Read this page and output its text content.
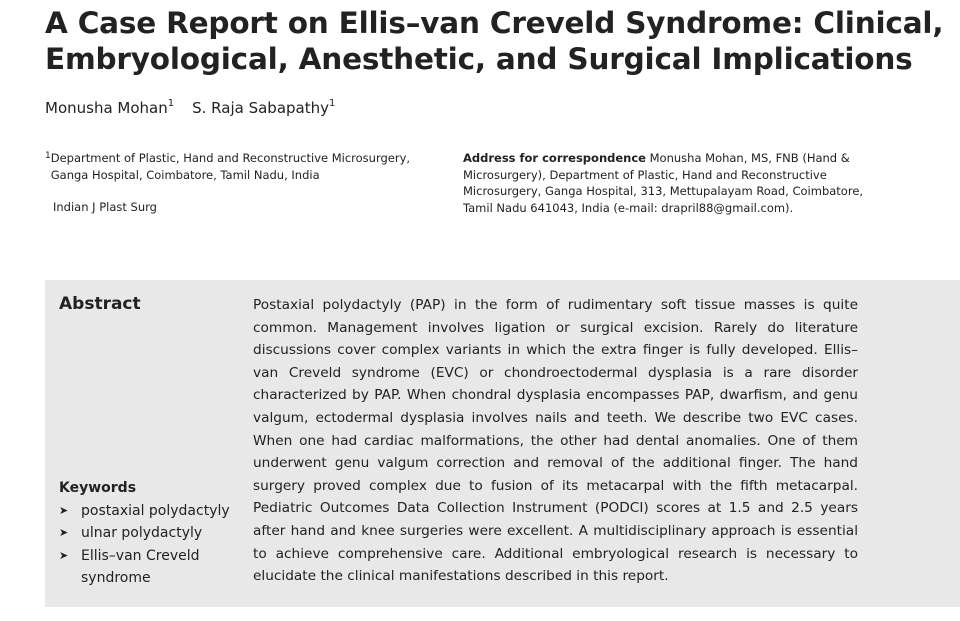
A Case Report on Ellis–van Creveld Syndrome: Clinical, Embryological, Anesthetic, and Surgical Implications
Monusha Mohan$^1$ S. Raja Sabapathy$^1$
1 Department of Plastic, Hand and Reconstructive Microsurgery, Ganga Hospital, Coimbatore, Tamil Nadu, India
Indian J Plast Surg
Address for correspondence Monusha Mohan, MS, FNB (Hand & Microsurgery), Department of Plastic, Hand and Reconstructive Microsurgery, Ganga Hospital, 313, Mettupalayam Road, Coimbatore, Tamil Nadu 641043, India (e-mail: drapril88@gmail.com).
Abstract
Keywords
➤ postaxial polydactyly
➤ ulnar polydactyly
➤ Ellis–van Creveld syndrome

Postaxial polydactyly (PAP) in the form of rudimentary soft tissue masses is quite common. Management involves ligation or surgical excision. Rarely do literature discussions cover complex variants in which the extra finger is fully developed. Ellis–van Creveld syndrome (EVC) or chondroectodermal dysplasia is a rare disorder characterized by PAP. When chondral dysplasia encompasses PAP, dwarfism, and genu valgum, ectodermal dysplasia involves nails and teeth. We describe two EVC cases. When one had cardiac malformations, the other had dental anomalies. One of them underwent genu valgum correction and removal of the additional finger. The hand surgery proved complex due to fusion of its metacarpal with the fifth metacarpal. Pediatric Outcomes Data Collection Instrument (PODCI) scores at 1.5 and 2.5 years after hand and knee surgeries were excellent. A multidisciplinary approach is essential to achieve comprehensive care. Additional embryological research is necessary to elucidate the clinical manifestations described in this report.
